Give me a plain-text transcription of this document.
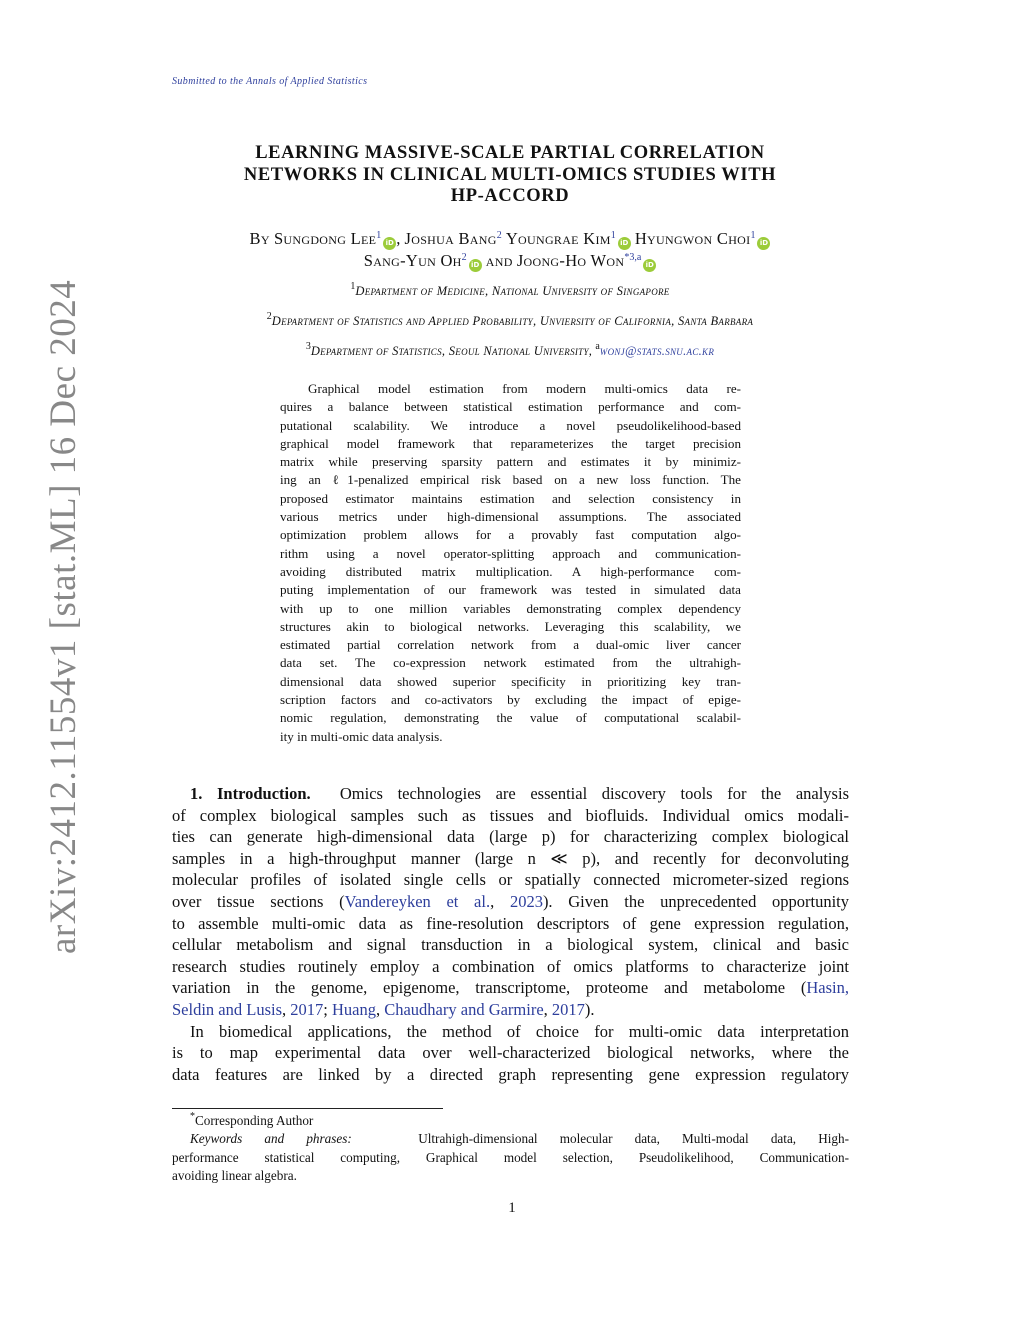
arXiv:2412.11554v1 [stat.ML] 16 Dec 2024
Submitted to the Annals of Applied Statistics
LEARNING MASSIVE-SCALE PARTIAL CORRELATION
NETWORKS IN CLINICAL MULTI-OMICS STUDIES WITH
HP-ACCORD
By Sungdong Lee$^1$iD , Joshua Bang$^2$ Youngrae Kim$^1$iD Hyungwon Choi$^1$iD
Sang-Yun Oh$^2$iD and Joong-Ho Won$^{*3,a}$iD
$^1$Department of Medicine, National University of Singapore
$^2$Department of Statistics and Applied Probability, Unviersity of California, Santa Barbara
$^3$Department of Statistics, Seoul National University, $^a$wonj@stats.snu.ac.kr
Graphical model estimation from modern multi-omics data re-
quires a balance between statistical estimation performance and com-
putational scalability. We introduce a novel pseudolikelihood-based
graphical model framework that reparameterizes the target precision
matrix while preserving sparsity pattern and estimates it by minimiz-
ing an ℓ1-penalized empirical risk based on a new loss function. The
proposed estimator maintains estimation and selection consistency in
various metrics under high-dimensional assumptions. The associated
optimization problem allows for a provably fast computation algo-
rithm using a novel operator-splitting approach and communication-
avoiding distributed matrix multiplication. A high-performance com-
puting implementation of our framework was tested in simulated data
with up to one million variables demonstrating complex dependency
structures akin to biological networks. Leveraging this scalability, we
estimated partial correlation network from a dual-omic liver cancer
data set. The co-expression network estimated from the ultrahigh-
dimensional data showed superior specificity in prioritizing key tran-
scription factors and co-activators by excluding the impact of epige-
nomic regulation, demonstrating the value of computational scalabil-
ity in multi-omic data analysis.
1. Introduction. Omics technologies are essential discovery tools for the analysis
of complex biological samples such as tissues and biofluids. Individual omics modali-
ties can generate high-dimensional data (large p) for characterizing complex biological
samples in a high-throughput manner (large n ≪ p), and recently for deconvoluting
molecular profiles of isolated single cells or spatially connected micrometer-sized regions
over tissue sections (Vandereyken et al., 2023). Given the unprecedented opportunity
to assemble multi-omic data as fine-resolution descriptors of gene expression regulation,
cellular metabolism and signal transduction in a biological system, clinical and basic
research studies routinely employ a combination of omics platforms to characterize joint
variation in the genome, epigenome, transcriptome, proteome and metabolome (Hasin,
Seldin and Lusis, 2017; Huang, Chaudhary and Garmire, 2017).
In biomedical applications, the method of choice for multi-omic data interpretation
is to map experimental data over well-characterized biological networks, where the
data features are linked by a directed graph representing gene expression regulatory
*Corresponding Author
Keywords and phrases:	Ultrahigh-dimensional molecular data, Multi-modal data, High-
performance statistical computing, Graphical model selection, Pseudolikelihood, Communication-
avoiding linear algebra.
1
